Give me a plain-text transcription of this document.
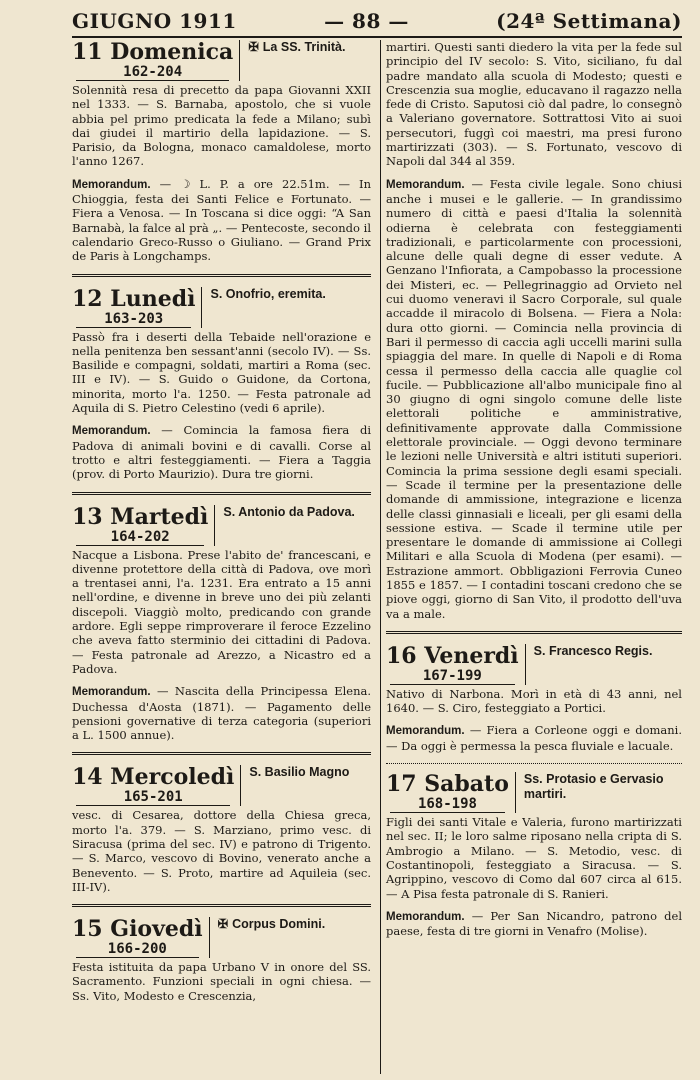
GIUGNO 1911	— 88 —	(24ª Settimana)
11 Domenica
162-204
✠ La SS. Trinità.

Solennità resa di precetto da papa Giovanni XXII nel 1333. — S. Barnaba, apostolo, che si vuole abbia pel primo predicata la fede a Milano; subì dai giudei il martirio della lapidazione. — S. Parisio, da Bologna, monaco camaldolese, morto l'anno 1267.

Memorandum. — ☽ L. P. a ore 22.51m. — In Chioggia, festa dei Santi Felice e Fortunato. — Fiera a Venosa. — In Toscana si dice oggi: “A San Barnabà, la falce al prà „. — Pentecoste, secondo il calendario Greco-Russo o Giuliano. — Grand Prix de Paris à Longchamps.

12 Lunedì
163-203
S. Onofrio, eremita.

Passò fra i deserti della Tebaide nell'orazione e nella penitenza ben sessant'anni (secolo IV). — Ss. Basilide e compagni, soldati, martiri a Roma (sec. III e IV). — S. Guido o Guidone, da Cortona, minorita, morto l'a. 1250. — Festa patronale ad Aquila di S. Pietro Celestino (vedi 6 aprile).

Memorandum. — Comincia la famosa fiera di Padova di animali bovini e di cavalli. Corse al trotto e altri festeggiamenti. — Fiera a Taggia (prov. di Porto Maurizio). Dura tre giorni.

13 Martedì
164-202
S. Antonio da Padova.

Nacque a Lisbona. Prese l'abito de' francescani, e divenne protettore della città di Padova, ove morì a trentasei anni, l'a. 1231. Era entrato a 15 anni nell'ordine, e divenne in breve uno dei più zelanti discepoli. Viaggiò molto, predicando con grande ardore. Egli seppe rimproverare il feroce Ezzelino che aveva fatto sterminio dei cittadini di Padova. — Festa patronale ad Arezzo, a Nicastro ed a Padova.

Memorandum. — Nascita della Principessa Elena. Duchessa d'Aosta (1871). — Pagamento delle pensioni governative di terza categoria (superiori a L. 1500 annue).

14 Mercoledì
165-201
S. Basilio Magno

vesc. di Cesarea, dottore della Chiesa greca, morto l'a. 379. — S. Marziano, primo vesc. di Siracusa (prima del sec. IV) e patrono di Trigento. — S. Marco, vescovo di Bovino, venerato anche a Benevento. — S. Proto, martire ad Aquileia (sec. III-IV).

15 Giovedì
166-200
✠ Corpus Domini.

Festa istituita da papa Urbano V in onore del SS. Sacramento. Funzioni speciali in ogni chiesa. — Ss. Vito, Modesto e Crescenzia,

martiri. Questi santi diedero la vita per la fede sul principio del IV secolo: S. Vito, siciliano, fu dal padre mandato alla scuola di Modesto; questi e Crescenzia sua moglie, educavano il ragazzo nella fede di Cristo. Saputosi ciò dal padre, lo consegnò a Valeriano governatore. Sottrattosi Vito ai suoi persecutori, fuggì coi maestri, ma presi furono martirizzati (303). — S. Fortunato, vescovo di Napoli dal 344 al 359.

Memorandum. — Festa civile legale. Sono chiusi anche i musei e le gallerie. — In grandissimo numero di città e paesi d'Italia la solennità odierna è celebrata con festeggiamenti tradizionali, e particolarmente con processioni, alcune delle quali degne di esser vedute. A Genzano l'Infiorata, a Campobasso la processione dei Misteri, ec. — Pellegrinaggio ad Orvieto nel cui duomo veneravi il Sacro Corporale, sul quale accadde il miracolo di Bolsena. — Fiera a Nola: dura otto giorni. — Comincia nella provincia di Bari il permesso di caccia agli uccelli marini sulla spiaggia del mare. In quelle di Napoli e di Roma cessa il permesso della caccia alle quaglie col fucile. — Pubblicazione all'albo municipale fino al 30 giugno di ogni singolo comune delle liste elettorali politiche e amministrative, definitivamente approvate dalla Commissione elettorale provinciale. — Oggi devono terminare le lezioni nelle Università e altri istituti superiori. Comincia la prima sessione degli esami speciali. — Scade il termine per la presentazione delle domande di ammissione, integrazione e licenza delle classi ginnasiali e liceali, per gli esami della sessione estiva. — Scade il termine utile per presentare le domande di ammissione ai Collegi Militari e alla Scuola di Modena (per esami). — Estrazione ammort. Obbligazioni Ferrovia Cuneo 1855 e 1857. — I contadini toscani credono che se piove oggi, giorno di San Vito, il prodotto dell'uva va a male.

16 Venerdì
167-199
S. Francesco Regis.

Nativo di Narbona. Morì in età di 43 anni, nel 1640. — S. Ciro, festeggiato a Portici.

Memorandum. — Fiera a Corleone oggi e domani. — Da oggi è permessa la pesca fluviale e lacuale.

17 Sabato
168-198
Ss. Protasio e Gervasio martiri.

Figli dei santi Vitale e Valeria, furono martirizzati nel sec. II; le loro salme riposano nella cripta di S. Ambrogio a Milano. — S. Metodio, vesc. di Costantinopoli, festeggiato a Siracusa. — S. Agrippino, vescovo di Como dal 607 circa al 615. — A Pisa festa patronale di S. Ranieri.

Memorandum. — Per San Nicandro, patrono del paese, festa di tre giorni in Venafro (Molise).
